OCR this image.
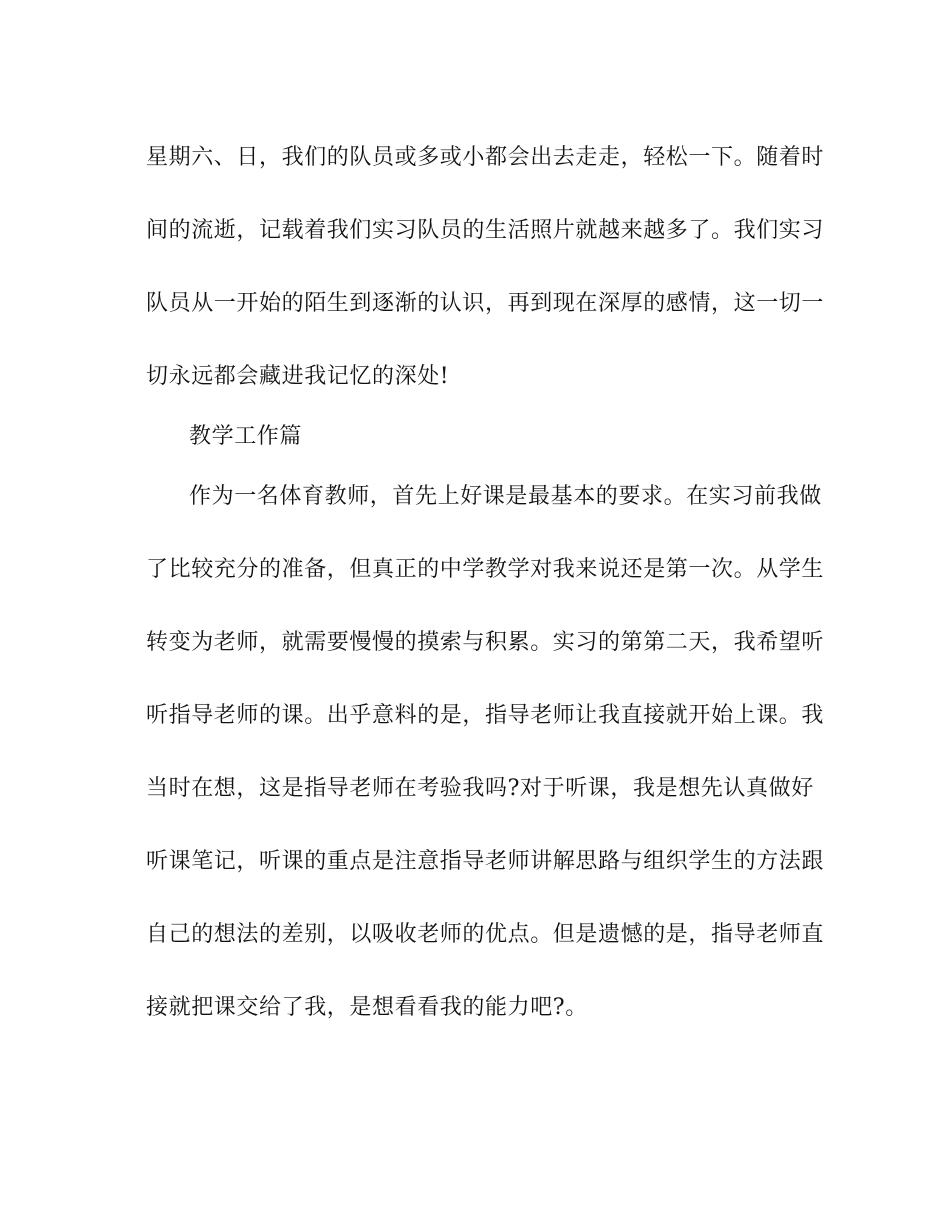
星期六、日，我们的队员或多或小都会出去走走，轻松一下。随着时

间的流逝，记载着我们实习队员的生活照片就越来越多了。我们实习

队员从一开始的陌生到逐渐的认识，再到现在深厚的感情，这一切一

切永远都会藏进我记忆的深处!

教学工作篇

作为一名体育教师，首先上好课是最基本的要求。在实习前我做

了比较充分的准备，但真正的中学教学对我来说还是第一次。从学生

转变为老师，就需要慢慢的摸索与积累。实习的第第二天，我希望听

听指导老师的课。出乎意料的是，指导老师让我直接就开始上课。我

当时在想，这是指导老师在考验我吗?对于听课，我是想先认真做好

听课笔记，听课的重点是注意指导老师讲解思路与组织学生的方法跟

自己的想法的差别，以吸收老师的优点。但是遗憾的是，指导老师直

接就把课交给了我，是想看看我的能力吧?。
